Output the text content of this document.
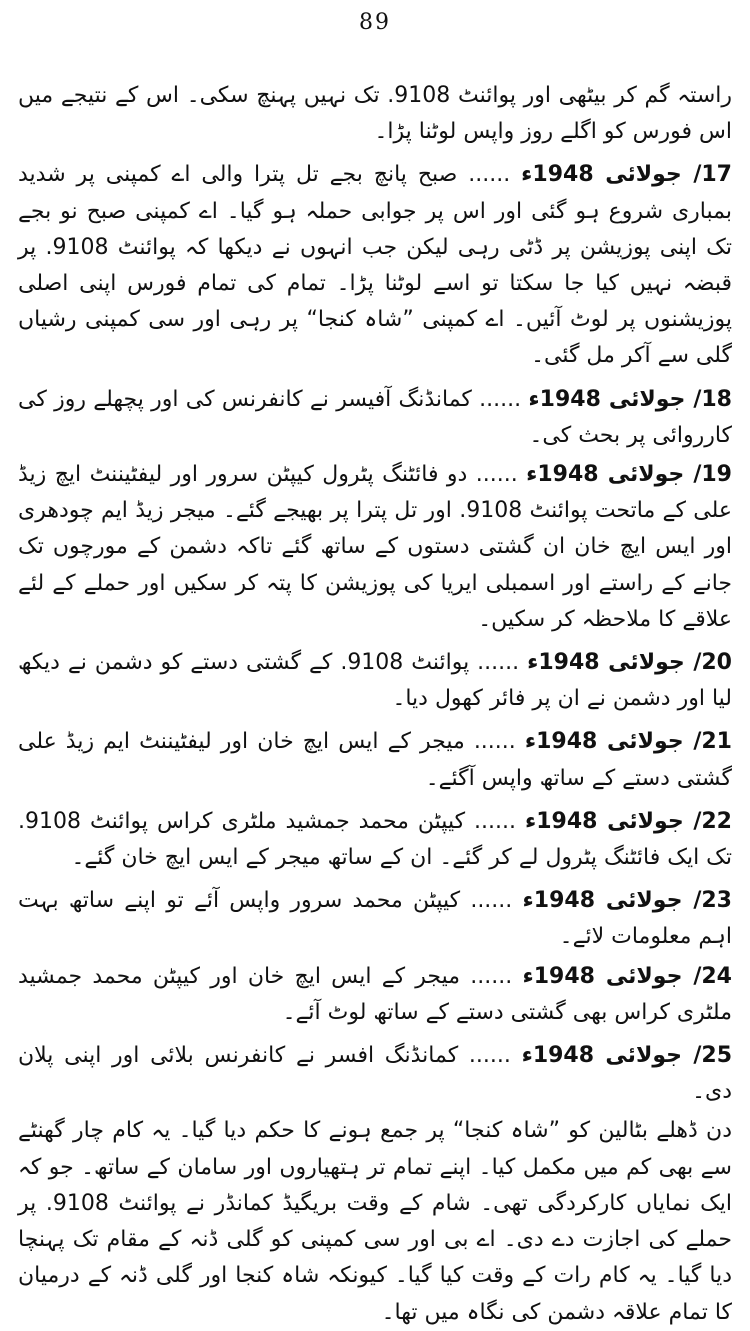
89

راستہ گم کر بیٹھی اور پوائنٹ 9108. تک نہیں پہنچ سکی۔ اس کے نتیجے میں اس فورس کو اگلے روز واپس لوٹنا پڑا۔

17/ جولائی 1948ء ...... صبح پانچ بجے تل پترا والی اے کمپنی پر شدید بمباری شروع ہو گئی اور اس پر جوابی حملہ ہو گیا۔ اے کمپنی صبح نو بجے تک اپنی پوزیشن پر ڈٹی رہی لیکن جب انہوں نے دیکھا کہ پوائنٹ 9108. پر قبضہ نہیں کیا جا سکتا تو اسے لوٹنا پڑا۔ تمام کی تمام فورس اپنی اصلی پوزیشنوں پر لوٹ آئیں۔ اے کمپنی ”شاہ کنجا“ پر رہی اور سی کمپنی رشیاں گلی سے آکر مل گئی۔

18/ جولائی 1948ء ...... کمانڈنگ آفیسر نے کانفرنس کی اور پچھلے روز کی کارروائی پر بحث کی۔

19/ جولائی 1948ء ...... دو فائٹنگ پٹرول کیپٹن سرور اور لیفٹیننٹ ایچ زیڈ علی کے ماتحت پوائنٹ 9108. اور تل پترا پر بھیجے گئے۔ میجر زیڈ ایم چودھری اور ایس ایچ خان ان گشتی دستوں کے ساتھ گئے تاکہ دشمن کے مورچوں تک جانے کے راستے اور اسمبلی ایریا کی پوزیشن کا پتہ کر سکیں اور حملے کے لئے علاقے کا ملاحظہ کر سکیں۔

20/ جولائی 1948ء ...... پوائنٹ 9108. کے گشتی دستے کو دشمن نے دیکھ لیا اور دشمن نے ان پر فائر کھول دیا۔

21/ جولائی 1948ء ...... میجر کے ایس ایچ خان اور لیفٹیننٹ ایم زیڈ علی گشتی دستے کے ساتھ واپس آگئے۔

22/ جولائی 1948ء ...... کیپٹن محمد جمشید ملٹری کراس پوائنٹ 9108. تک ایک فائٹنگ پٹرول لے کر گئے۔ ان کے ساتھ میجر کے ایس ایچ خان گئے۔

23/ جولائی 1948ء ...... کیپٹن محمد سرور واپس آئے تو اپنے ساتھ بہت اہم معلومات لائے۔

24/ جولائی 1948ء ...... میجر کے ایس ایچ خان اور کیپٹن محمد جمشید ملٹری کراس بھی گشتی دستے کے ساتھ لوٹ آئے۔

25/ جولائی 1948ء ...... کمانڈنگ افسر نے کانفرنس بلائی اور اپنی پلان دی۔

دن ڈھلے بٹالین کو ”شاہ کنجا“ پر جمع ہونے کا حکم دیا گیا۔ یہ کام چار گھنٹے سے بھی کم میں مکمل کیا۔ اپنے تمام تر ہتھیاروں اور سامان کے ساتھ۔ جو کہ ایک نمایاں کارکردگی تھی۔ شام کے وقت بریگیڈ کمانڈر نے پوائنٹ 9108. پر حملے کی اجازت دے دی۔ اے بی اور سی کمپنی کو گلی ڈنہ کے مقام تک پہنچا دیا گیا۔ یہ کام رات کے وقت کیا گیا۔ کیونکہ شاہ کنجا اور گلی ڈنہ کے درمیان کا تمام علاقہ دشمن کی نگاہ میں تھا۔
